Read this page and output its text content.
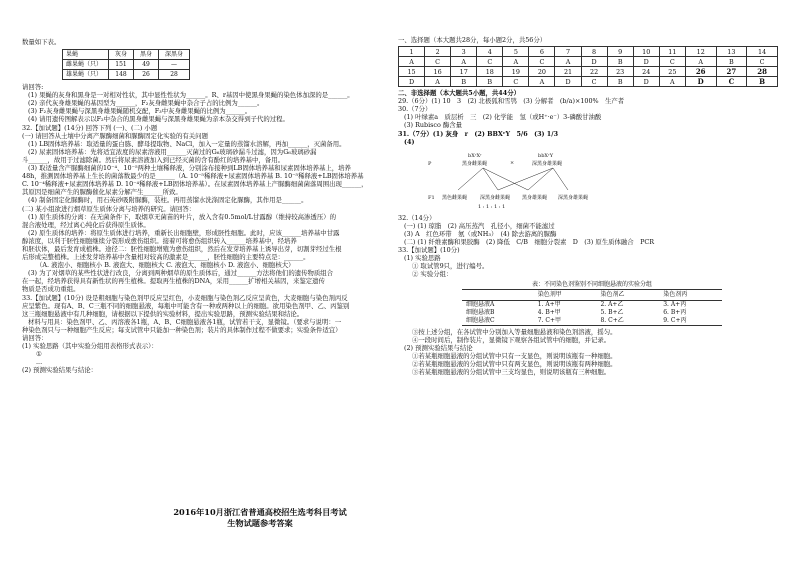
数量如下表。

果蝇	灰身	黑身	深黑身
雌果蝇（只）	151	49	—
雄果蝇（只）	148	26	28

请回答:

(1) 果蝇的灰身和黑身是一对相对性状，其中显性性状为______。R、r基因中使黑身果蝇的染色体加深的是______。

(2) 亲代灰身雄果蝇的基因型为______，F₂灰身雌果蝇中杂合子占的比例为______。

(3) F₂灰身雌果蝇与深黑身雄果蝇随机交配，F₃中灰身雌果蝇的比例为______。

(4) 请用遗传图解表示以F₂中杂合的黑身雌果蝇与深黑身雄果蝇为亲本杂交得到子代的过程。

32.【加试题】(14分) 回答下列 (一)、(二) 小题

(一) 请回答从土壤中分离产脲酶细菌和脲酶固定化实验的有关问题

(1) LB固体培养基：取适量的蛋白胨、酵母提取物、NaCl，加入一定量的蒸馏水溶解，再加______，灭菌备用。

(2) 尿素固体培养基：先将适宜浓度的尿素溶液用______灭菌过的G₆玻璃砂漏斗过滤，因为G₆玻璃砂漏

斗______，故用于过滤除菌。然后将尿素溶液加入到已经灭菌的含有酚红的培养基中，备用。

(3) 取适量含产脲酶细菌的10⁻⁴、10⁻⁵两种土壤稀释液，分别涂布接种到LB固体培养基和尿素固体培养基上，培养

48h，推测固体培养基上生长的菌落数最少的是______（A. 10⁻⁵稀释液+尿素固体培养基 B. 10⁻⁵稀释液+LB固体培养基

C. 10⁻⁴稀释液+尿素固体培养基 D. 10⁻⁴稀释液+LB固体培养基）。在尿素固体培养基上产脲酶细菌菌落周围出现______，

其原因是细菌产生的脲酶催化尿素分解产生______所致。

(4) 制备固定化脲酶时，用石英砂吸附脲酶，装柱。再用蒸馏水洗涤固定化脲酶，其作用是______。

(二) 某小组欲进行烟草原生质体分离与培养的研究。请回答：

(1) 原生质体的分离：在无菌条件下，取烟草无菌苗的叶片，放入含有0.5mol/L甘露醇（维持较高渗透压）的

混合液处理，经过离心纯化后获得原生质体。

(2) 原生质体的培养：将原生质体进行培养，重新长出细胞壁，形成胚性细胞。此时，应该______培养基中甘露

醇浓度，以利于胚性细胞继续分裂形成愈伤组织。接着可将愈伤组织转入______培养基中，经培养

和胚状体，最后发育成植株。途径二：胚性细胞增殖为愈伤组织，然后在发芽培养基上诱导出芽，切割芽经过生根

后形成完整植株。上述发芽培养基中含量相对较高的激素是______，胚性细胞的主要特点是：______。

（A. 液泡小、细胞核小 B. 液泡大、细胞核大 C. 液泡大、细胞核小 D. 液泡小、细胞核大）

(3) 为了对烟草的某些性状进行改良，分离到两种烟草的原生质体后，通过______方法将他们的遗传物质组合

在一起，经培养获得具有新性状的再生植株。提取再生植株的DNA，采用______扩增相关基因，来鉴定遗传

物质是否成功重组。

33.【加试题】(10分) 设是粗细胞与染色剂甲反应呈红色，小麦细胞与染色剂乙反应呈黄色，大麦细胞与染色剂丙反

应呈紫色。现有A、B、C三瓶不同的细胞悬液，每瓶中可能含有一种或两种以上的细胞。欲用染色剂甲、乙、丙鉴别

这三瓶细胞悬液中有几种细胞，请根据以下提供的实验材料，提出实验思路，预测实验结果和结论。

材料与用具：染色剂甲、乙、丙溶液各1瓶，A、B、C细胞悬液各1瓶，试管若干支，显微镜。（要求与说明：一

种染色剂只与一种细胞产生反应；每支试管中只能加一种染色剂；装片的具体制作过程不做要求；实验条件适宜）

请回答：

(1) 实验思路（其中实验分组用表格形式表示）：

①

...

(2) 预测实验结果与结论：

2016年10月浙江省普通高校招生选考科目考试
生物试题参考答案

一、选择题（本大题共28分，每小题2分，共56分）

1	2	3	4	5	6	7	8	9	10	11	12	13	14
A	C	A	C	A	C	A	D	B	D	C	A	B	C
15	16	17	18	19	20	21	22	23	24	25	26	27	28
D	A	B	B	C	A	D	C	B	D	A	D	C	B

二、非选择题（本大题共5小题，共44分）

29.（6分）(1) 10　3　(2) 北极狐和雪鸮　(3) 分解者　(b/a)×100%　生产者

30.（7分）

(1) 叶绿素a　质层析　三　(2) 化学能　氢（或H⁺·e⁻）3-磷酸甘油酸

(3) Rubisco 酶含量

31.（7分）(1) 灰身　r　(2) BBXʳY　5/6　(3) 1/3

(4)

P
bXʳXʳ	bbXʳY
黑身雌果蝇	深黑身雄果蝇
×
F1 黑色雌果蝇	深黑身雌果蝇 黑身雄果蝇 深黑身雄果蝇
1 : 1 : 1 : 1

32.（14分）

(一) (1) 琼脂　(2) 高压蒸汽　孔径小，细菌不能滤过

(3) A　红色环带　氨（或NH₃）　(4) 除去游离的脲酶

(二) (1) 纤维素酶和果胶酶　(2) 降低　C/B　细胞分裂素　D　(3) 原生质体融合　PCR

33.【加试题】(10分)

(1) 实验思路

① 取试管9只，进行编号。

② 实验分组：

表：不同染色剂鉴别不同细胞悬液的实验分组			
	染色剂甲	染色剂乙	染色剂丙
细胞悬液A	1. A+甲	2. A+乙	3. A+丙
细胞悬液B	4. B+甲	5. B+乙	6. B+丙
细胞悬液C	7. C+甲	8. C+乙	9. C+丙

③按上述分组，在各试管中分别加入等量细胞悬液和染色剂溶液，摇匀。

④一段时间后，制作装片，显微镜下观察各组试管中的细胞，并记录。

(2) 预测实验结果与结论

①若某瓶细胞悬液的分组试管中只有一支显色，则说明该瓶有一种细胞。

②若某瓶细胞悬液的分组试管中只有两支显色，则说明该瓶有两种细胞。

③若某瓶细胞悬液的分组试管中三支均显色，则说明该瓶有三种细胞。
